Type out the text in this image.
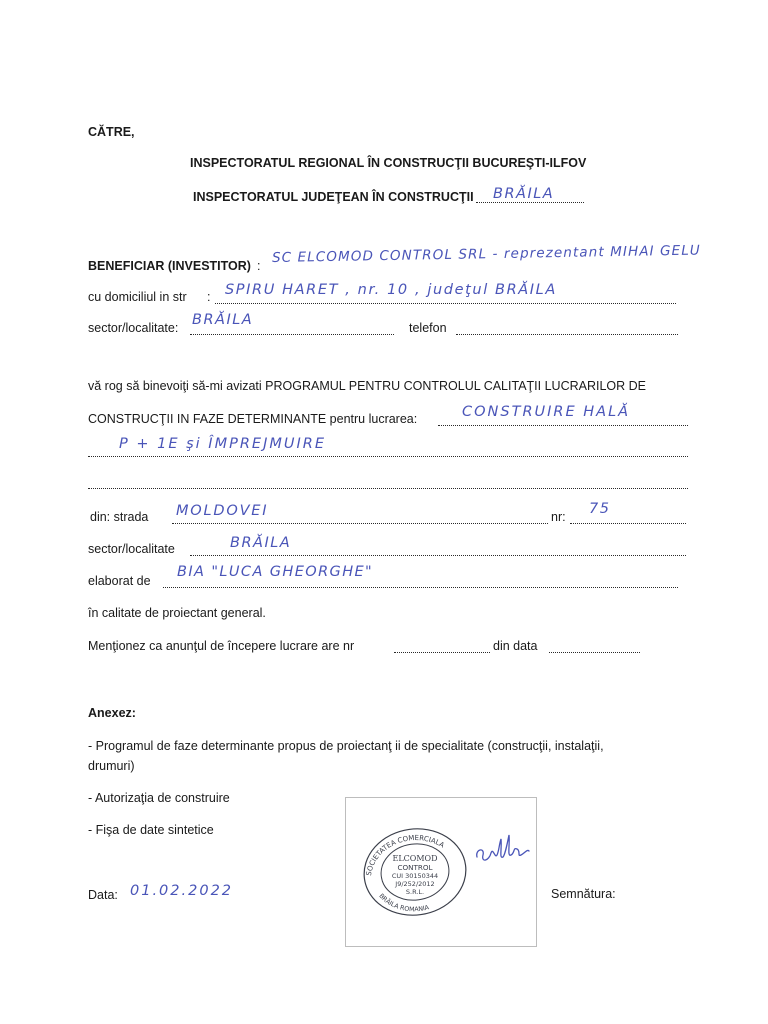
CĂTRE,
INSPECTORATUL REGIONAL ÎN CONSTRUCŢII BUCUREŞTI-ILFOV
INSPECTORATUL JUDEŢEAN ÎN CONSTRUCŢII BRĂILA
BENEFICIAR (INVESTITOR) :
SC ELCOMOD CONTROL SRL - reprezentant MIHAI GELU
cu domiciliul in str : SPIRU HARET , nr. 10 , judeţul BRĂILA
sector/localitate: BRĂILA	telefon
vă rog să binevoiţi să-mi avizati PROGRAMUL PENTRU CONTROLUL CALITAŢII LUCRARILOR DE
CONSTRUCŢII IN FAZE DETERMINANTE pentru lucrarea:	CONSTRUIRE HALĂ
P + 1E şi ÎMPREJMUIRE
din: strada MOLDOVEI	nr: 75
sector/localitate	BRĂILA
elaborat de
BIA "LUCA GHEORGHE"
în calitate de proiectant general.
Menţionez ca anunţul de începere lucrare are nr	din data
Anexez:
- Programul de faze determinante propus de proiectanţ ii de specialitate (construcţii, instalaţii,
drumuri)
- Autorizaţia de construire
- Fişa de date sintetice
Data: 01.02.2022	Semnătura:
SOCIETATEA COMERCIALA
BRĂILA ROMANIA
ELCOMOD
CONTROL
CUI 30150344
J9/252/2012
S.R.L.
